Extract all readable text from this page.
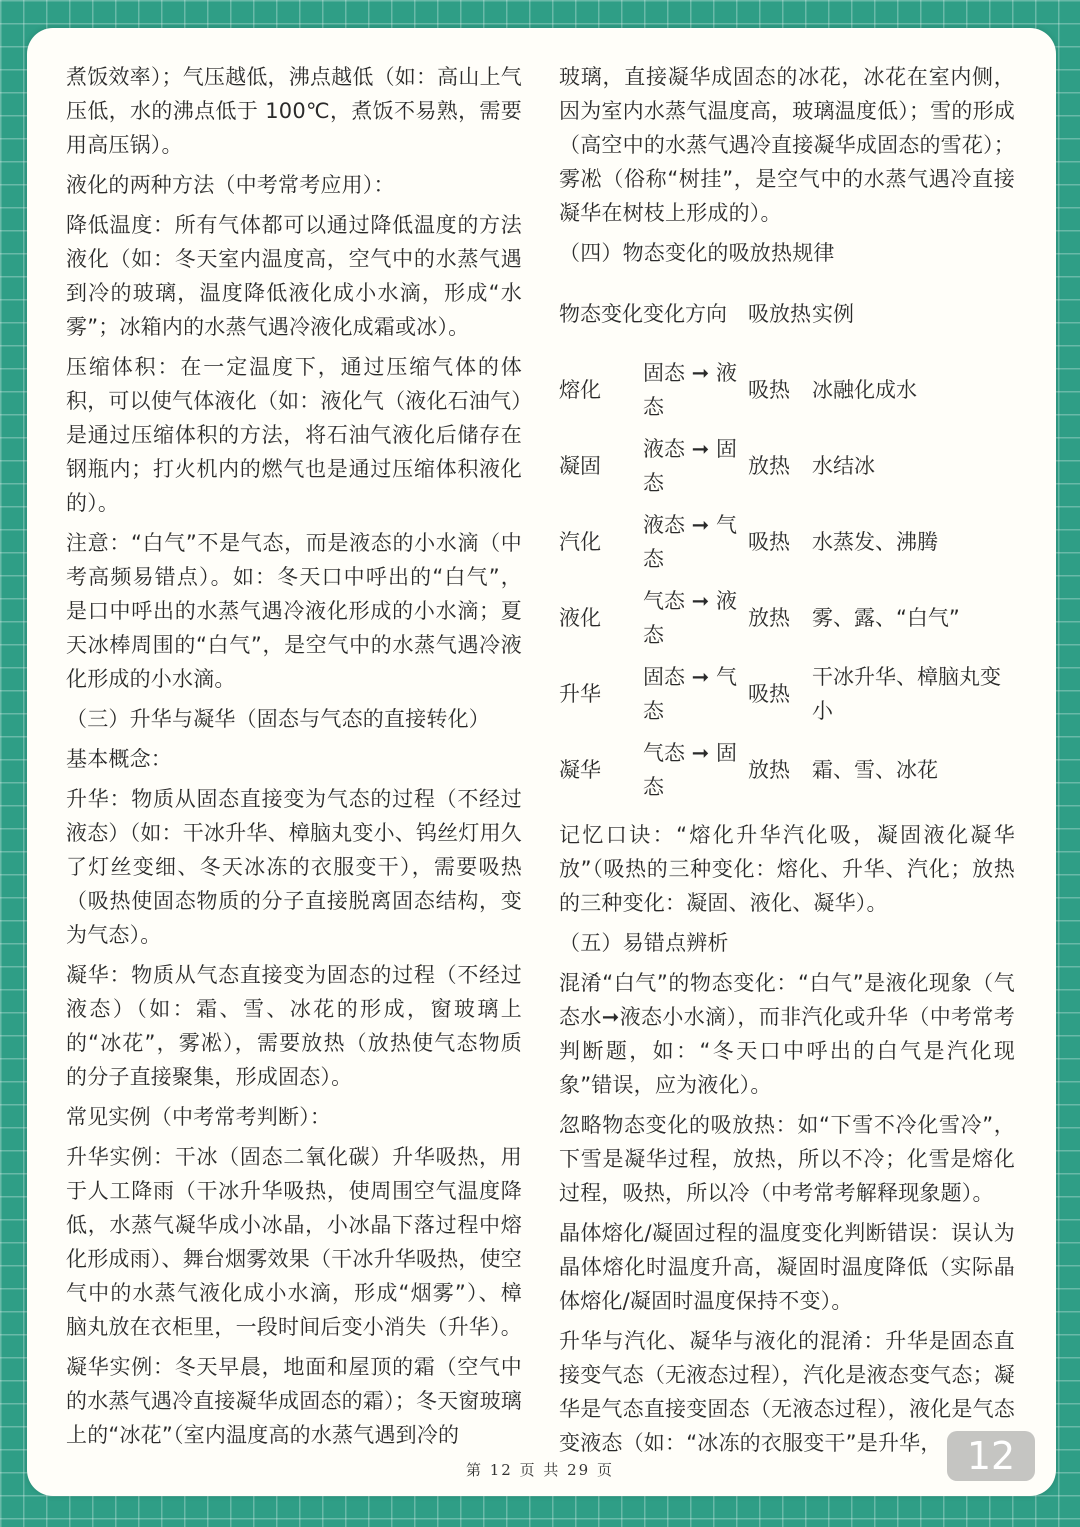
煮饭效率）；气压越低，沸点越低（如：高山上气压低，水的沸点低于 100℃，煮饭不易熟，需要用高压锅）。

液化的两种方法（中考常考应用）：

降低温度：所有气体都可以通过降低温度的方法液化（如：冬天室内温度高，空气中的水蒸气遇到冷的玻璃，温度降低液化成小水滴，形成“水雾”；冰箱内的水蒸气遇冷液化成霜或冰）。

压缩体积：在一定温度下，通过压缩气体的体积，可以使气体液化（如：液化气（液化石油气）是通过压缩体积的方法，将石油气液化后储存在钢瓶内；打火机内的燃气也是通过压缩体积液化的）。

注意：“白气”不是气态，而是液态的小水滴（中考高频易错点）。如：冬天口中呼出的“白气”，是口中呼出的水蒸气遇冷液化形成的小水滴；夏天冰棒周围的“白气”，是空气中的水蒸气遇冷液化形成的小水滴。

（三）升华与凝华（固态与气态的直接转化）

基本概念：

升华：物质从固态直接变为气态的过程（不经过液态）（如：干冰升华、樟脑丸变小、钨丝灯用久了灯丝变细、冬天冰冻的衣服变干），需要吸热（吸热使固态物质的分子直接脱离固态结构，变为气态）。

凝华：物质从气态直接变为固态的过程（不经过液态）（如：霜、雪、冰花的形成，窗玻璃上的“冰花”，雾凇），需要放热（放热使气态物质的分子直接聚集，形成固态）。

常见实例（中考常考判断）：

升华实例：干冰（固态二氧化碳）升华吸热，用于人工降雨（干冰升华吸热，使周围空气温度降低，水蒸气凝华成小冰晶，小冰晶下落过程中熔化形成雨）、舞台烟雾效果（干冰升华吸热，使空气中的水蒸气液化成小水滴，形成“烟雾”）、樟脑丸放在衣柜里，一段时间后变小消失（升华）。

凝华实例：冬天早晨，地面和屋顶的霜（空气中的水蒸气遇冷直接凝华成固态的霜）；冬天窗玻璃上的“冰花”（室内温度高的水蒸气遇到冷的

玻璃，直接凝华成固态的冰花，冰花在室内侧，因为室内水蒸气温度高，玻璃温度低）；雪的形成（高空中的水蒸气遇冷直接凝华成固态的雪花）；雾凇（俗称“树挂”，是空气中的水蒸气遇冷直接凝华在树枝上形成的）。

（四）物态变化的吸放热规律

物态变化	变化方向	吸放热	实例
熔化	固态 ➞ 液态	吸热	冰融化成水
凝固	液态 ➞ 固态	放热	水结冰
汽化	液态 ➞ 气态	吸热	水蒸发、沸腾
液化	气态 ➞ 液态	放热	雾、露、“白气”
升华	固态 ➞ 气态	吸热	干冰升华、樟脑丸变小
凝华	气态 ➞ 固态	放热	霜、雪、冰花

记忆口诀：“熔化升华汽化吸，凝固液化凝华放”（吸热的三种变化：熔化、升华、汽化；放热的三种变化：凝固、液化、凝华）。

（五）易错点辨析

混淆“白气”的物态变化：“白气”是液化现象（气态水➞液态小水滴），而非汽化或升华（中考常考判断题，如：“冬天口中呼出的白气是汽化现象”错误，应为液化）。

忽略物态变化的吸放热：如“下雪不冷化雪冷”，下雪是凝华过程，放热，所以不冷；化雪是熔化过程，吸热，所以冷（中考常考解释现象题）。

晶体熔化/凝固过程的温度变化判断错误：误认为晶体熔化时温度升高，凝固时温度降低（实际晶体熔化/凝固时温度保持不变）。

升华与汽化、凝华与液化的混淆：升华是固态直接变气态（无液态过程），汽化是液态变气态；凝华是气态直接变固态（无液态过程），液化是气态变液态（如：“冰冻的衣服变干”是升华，

第 12 页 共 29 页	12
